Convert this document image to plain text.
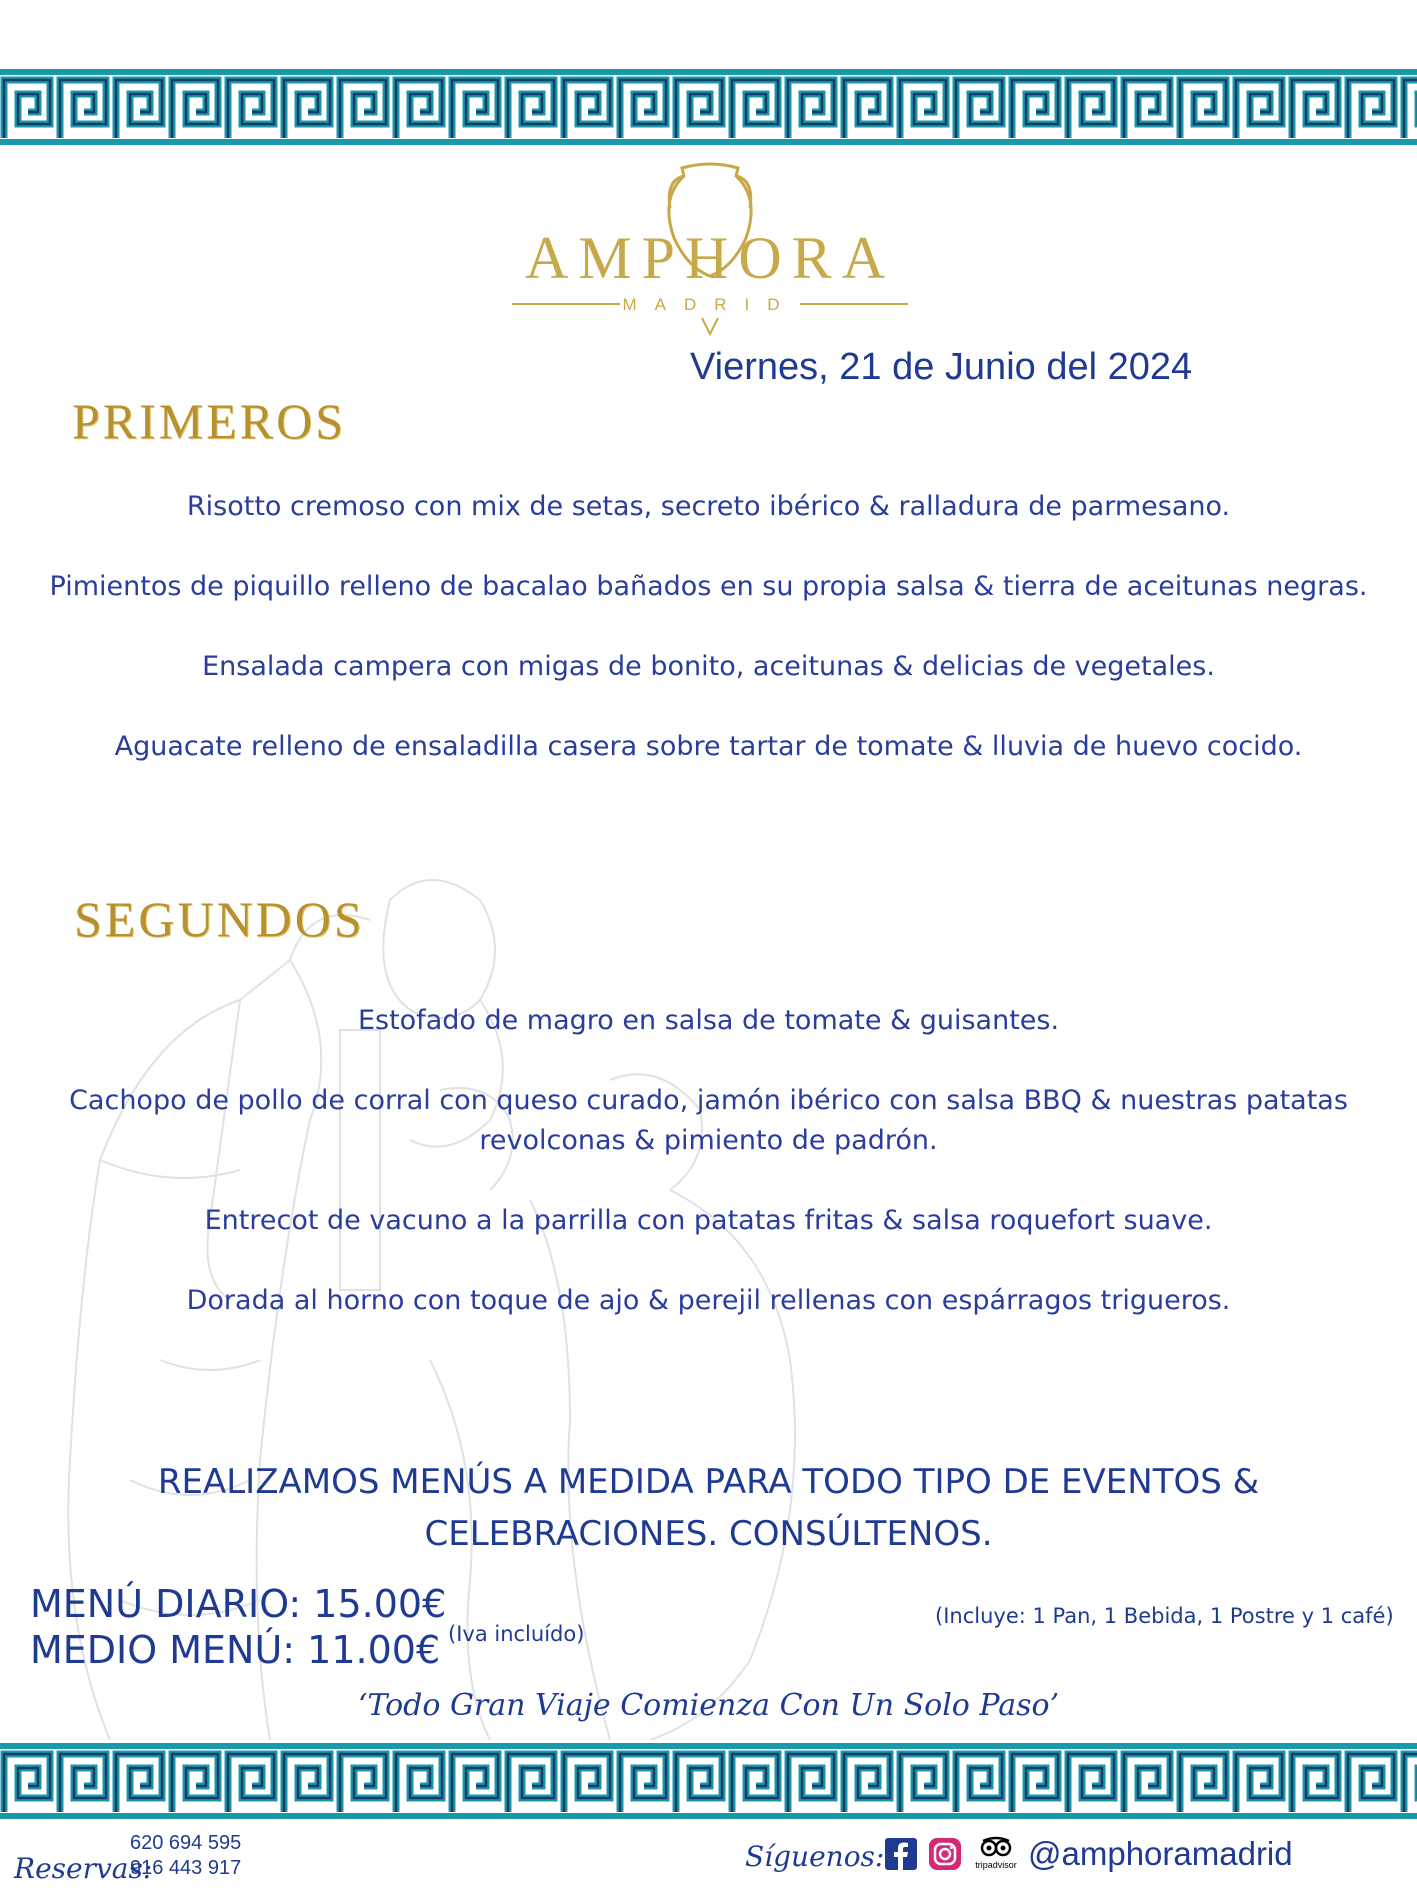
AMPHORA
MADRID
Viernes, 21 de Junio del 2024
PRIMEROS
Risotto cremoso con mix de setas, secreto ibérico & ralladura de parmesano.
Pimientos de piquillo relleno de bacalao bañados en su propia salsa & tierra de aceitunas negras.
Ensalada campera con migas de bonito, aceitunas & delicias de vegetales.
Aguacate relleno de ensaladilla casera sobre tartar de tomate & lluvia de huevo cocido.
SEGUNDOS
Estofado de magro en salsa de tomate & guisantes.
Cachopo de pollo de corral con queso curado, jamón ibérico con salsa BBQ & nuestras patatas
revolconas & pimiento de padrón.
Entrecot de vacuno a la parrilla con patatas fritas & salsa roquefort suave.
Dorada al horno con toque de ajo & perejil rellenas con espárragos trigueros.
REALIZAMOS MENÚS A MEDIDA PARA TODO TIPO DE EVENTOS &
CELEBRACIONES. CONSÚLTENOS.
MENÚ DIARIO: 15.00€
MEDIO MENÚ: 11.00€ (Iva incluído)
(Incluye: 1 Pan, 1 Bebida, 1 Postre y 1 café)
‘Todo Gran Viaje Comienza Con Un Solo Paso’
Reservas:
620 694 595
916 443 917	Síguenos:	tripadvisor @amphoramadrid
